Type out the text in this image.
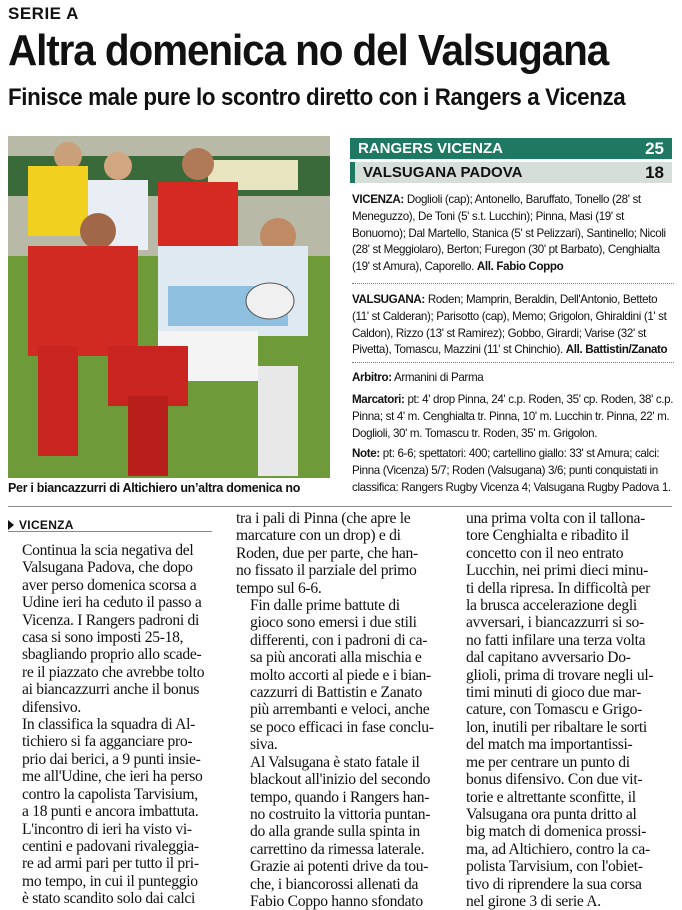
SERIE A
Altra domenica no del Valsugana
Finisce male pure lo scontro diretto con i Rangers a Vicenza
Per i biancazzurri di Altichiero un’altra domenica no
RANGERS VICENZA	25
VALSUGANA PADOVA	18
VICENZA: Doglioli (cap); Antonello, Baruffato, Tonello (28' st Meneguzzo), De Toni (5' s.t. Lucchin); Pinna, Masi (19' st Bonuomo); Dal Martello, Stanica (5' st Pelizzari), Santinello; Nicoli (28' st Meggiolaro), Berton; Furegon (30' pt Barbato), Cenghialta (19' st Amura), Caporello. All. Fabio Coppo
VALSUGANA: Roden; Mamprin, Beraldin, Dell'Antonio, Betteto (11' st Calderan); Parisotto (cap), Memo; Grigolon, Ghiraldini (1' st Caldon), Rizzo (13' st Ramirez); Gobbo, Girardi; Varise (32' st Pivetta), Tomascu, Mazzini (11' st Chinchio). All. Battistin/Zanato
Arbitro: Armanini di Parma
Marcatori: pt: 4' drop Pinna, 24' c.p. Roden, 35' cp. Roden, 38' c.p. Pinna; st 4' m. Cenghialta tr. Pinna, 10' m. Lucchin tr. Pinna, 22' m. Doglioli, 30' m. Tomascu tr. Roden, 35' m. Grigolon.
Note: pt: 6-6; spettatori: 400; cartellino giallo: 33' st Amura; calci: Pinna (Vicenza) 5/7; Roden (Valsugana) 3/6; punti conquistati in classifica: Rangers Rugby Vicenza 4; Valsugana Rugby Padova 1.
VICENZA

Continua la scia negativa del
Valsugana Padova, che dopo
aver perso domenica scorsa a
Udine ieri ha ceduto il passo a
Vicenza. I Rangers padroni di
casa si sono imposti 25-18,
sbagliando proprio allo scade-
re il piazzato che avrebbe tolto
ai biancazzurri anche il bonus
difensivo.

In classifica la squadra di Al-
tichiero si fa agganciare pro-
prio dai berici, a 9 punti insie-
me all'Udine, che ieri ha perso
contro la capolista Tarvisium,
a 18 punti e ancora imbattuta.

L'incontro di ieri ha visto vi-
centini e padovani rivaleggia-
re ad armi pari per tutto il pri-
mo tempo, in cui il punteggio
è stato scandito solo dai calci

tra i pali di Pinna (che apre le
marcature con un drop) e di
Roden, due per parte, che han-
no fissato il parziale del primo
tempo sul 6-6.

Fin dalle prime battute di
gioco sono emersi i due stili
differenti, con i padroni di ca-
sa più ancorati alla mischia e
molto accorti al piede e i bian-
cazzurri di Battistin e Zanato
più arrembanti e veloci, anche
se poco efficaci in fase conclu-
siva.

Al Valsugana è stato fatale il
blackout all'inizio del secondo
tempo, quando i Rangers han-
no costruito la vittoria puntan-
do alla grande sulla spinta in
carrettino da rimessa laterale.
Grazie ai potenti drive da tou-
che, i biancorossi allenati da
Fabio Coppo hanno sfondato

una prima volta con il tallona-
tore Cenghialta e ribadito il
concetto con il neo entrato
Lucchin, nei primi dieci minu-
ti della ripresa. In difficoltà per
la brusca accelerazione degli
avversari, i biancazzurri si so-
no fatti infilare una terza volta
dal capitano avversario Do-
glioli, prima di trovare negli ul-
timi minuti di gioco due mar-
cature, con Tomascu e Grigo-
lon, inutili per ribaltare le sorti
del match ma importantissi-
me per centrare un punto di
bonus difensivo. Con due vit-
torie e altrettante sconfitte, il
Valsugana ora punta dritto al
big match di domenica prossi-
ma, ad Altichiero, contro la ca-
polista Tarvisium, con l'obiet-
tivo di riprendere la sua corsa
nel girone 3 di serie A.
